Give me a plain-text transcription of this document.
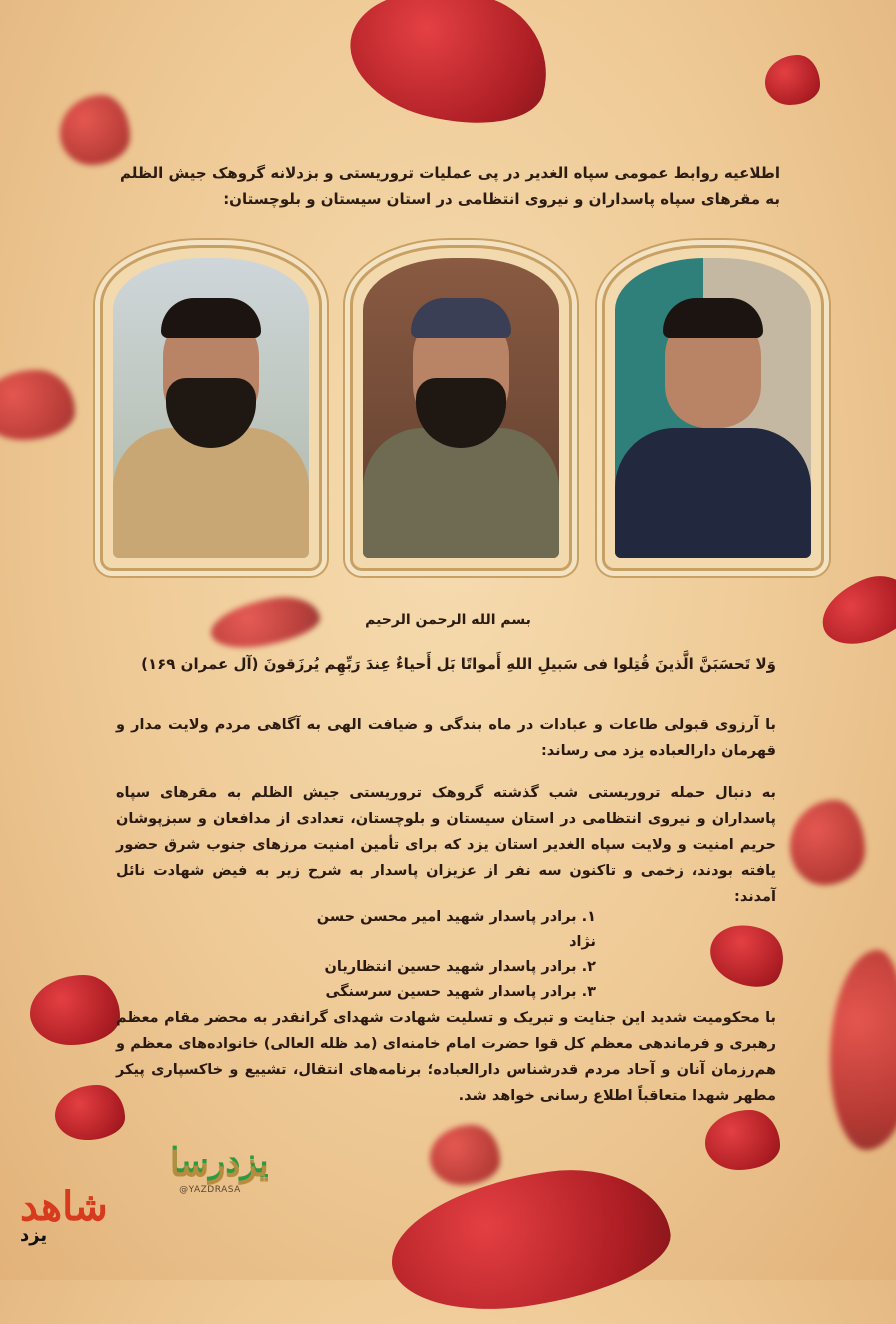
اطلاعیه روابط عمومی سپاه الغدیر در پی عملیات تروریستی و بزدلانه گروهک جیش الظلم به مقرهای سپاه پاسداران و نیروی انتظامی در استان سیستان و بلوچستان:
بسم الله الرحمن الرحیم
وَلا تَحسَبَنَّ الَّذینَ قُتِلوا فی سَبیلِ اللهِ أَمواتًا بَل أَحیاءٌ عِندَ رَبِّهِم یُرزَقونَ (آل عمران ۱۶۹)
با آرزوی قبولی طاعات و عبادات در ماه بندگی و ضیافت الهی به آگاهی مردم ولایت مدار و قهرمان دارالعباده یزد می رساند:
به دنبال حمله تروریستی شب گذشته گروهک تروریستی جیش الظلم به مقرهای سپاه پاسداران و نیروی انتظامی در استان سیستان و بلوچستان، تعدادی از مدافعان و سبزپوشان حریم امنیت و ولایت سپاه الغدیر استان یزد که برای تأمین امنیت مرزهای جنوب شرق حضور یافته بودند، زخمی و تاکنون سه نفر از عزیزان پاسدار به شرح زیر به فیض شهادت نائل آمدند:
۱. برادر پاسدار شهید امیر محسن حسن نژاد
۲. برادر پاسدار شهید حسین انتظاریان
۳. برادر پاسدار شهید حسین سرسنگی
با محکومیت شدید این جنایت و تبریک و تسلیت شهادت شهدای گرانقدر به محضر مقام معظم رهبری و فرماندهی معظم کل قوا حضرت امام خامنه‌ای (مد ظله العالی) خانواده‌های معظم و هم‌رزمان آنان و آحاد مردم قدرشناس دارالعباده؛ برنامه‌های انتقال، تشییع و خاکسپاری پیکر مطهر شهدا متعاقباً اطلاع رسانی خواهد شد.
یزدرسا
@YAZDRASA
شاهد
یزد
